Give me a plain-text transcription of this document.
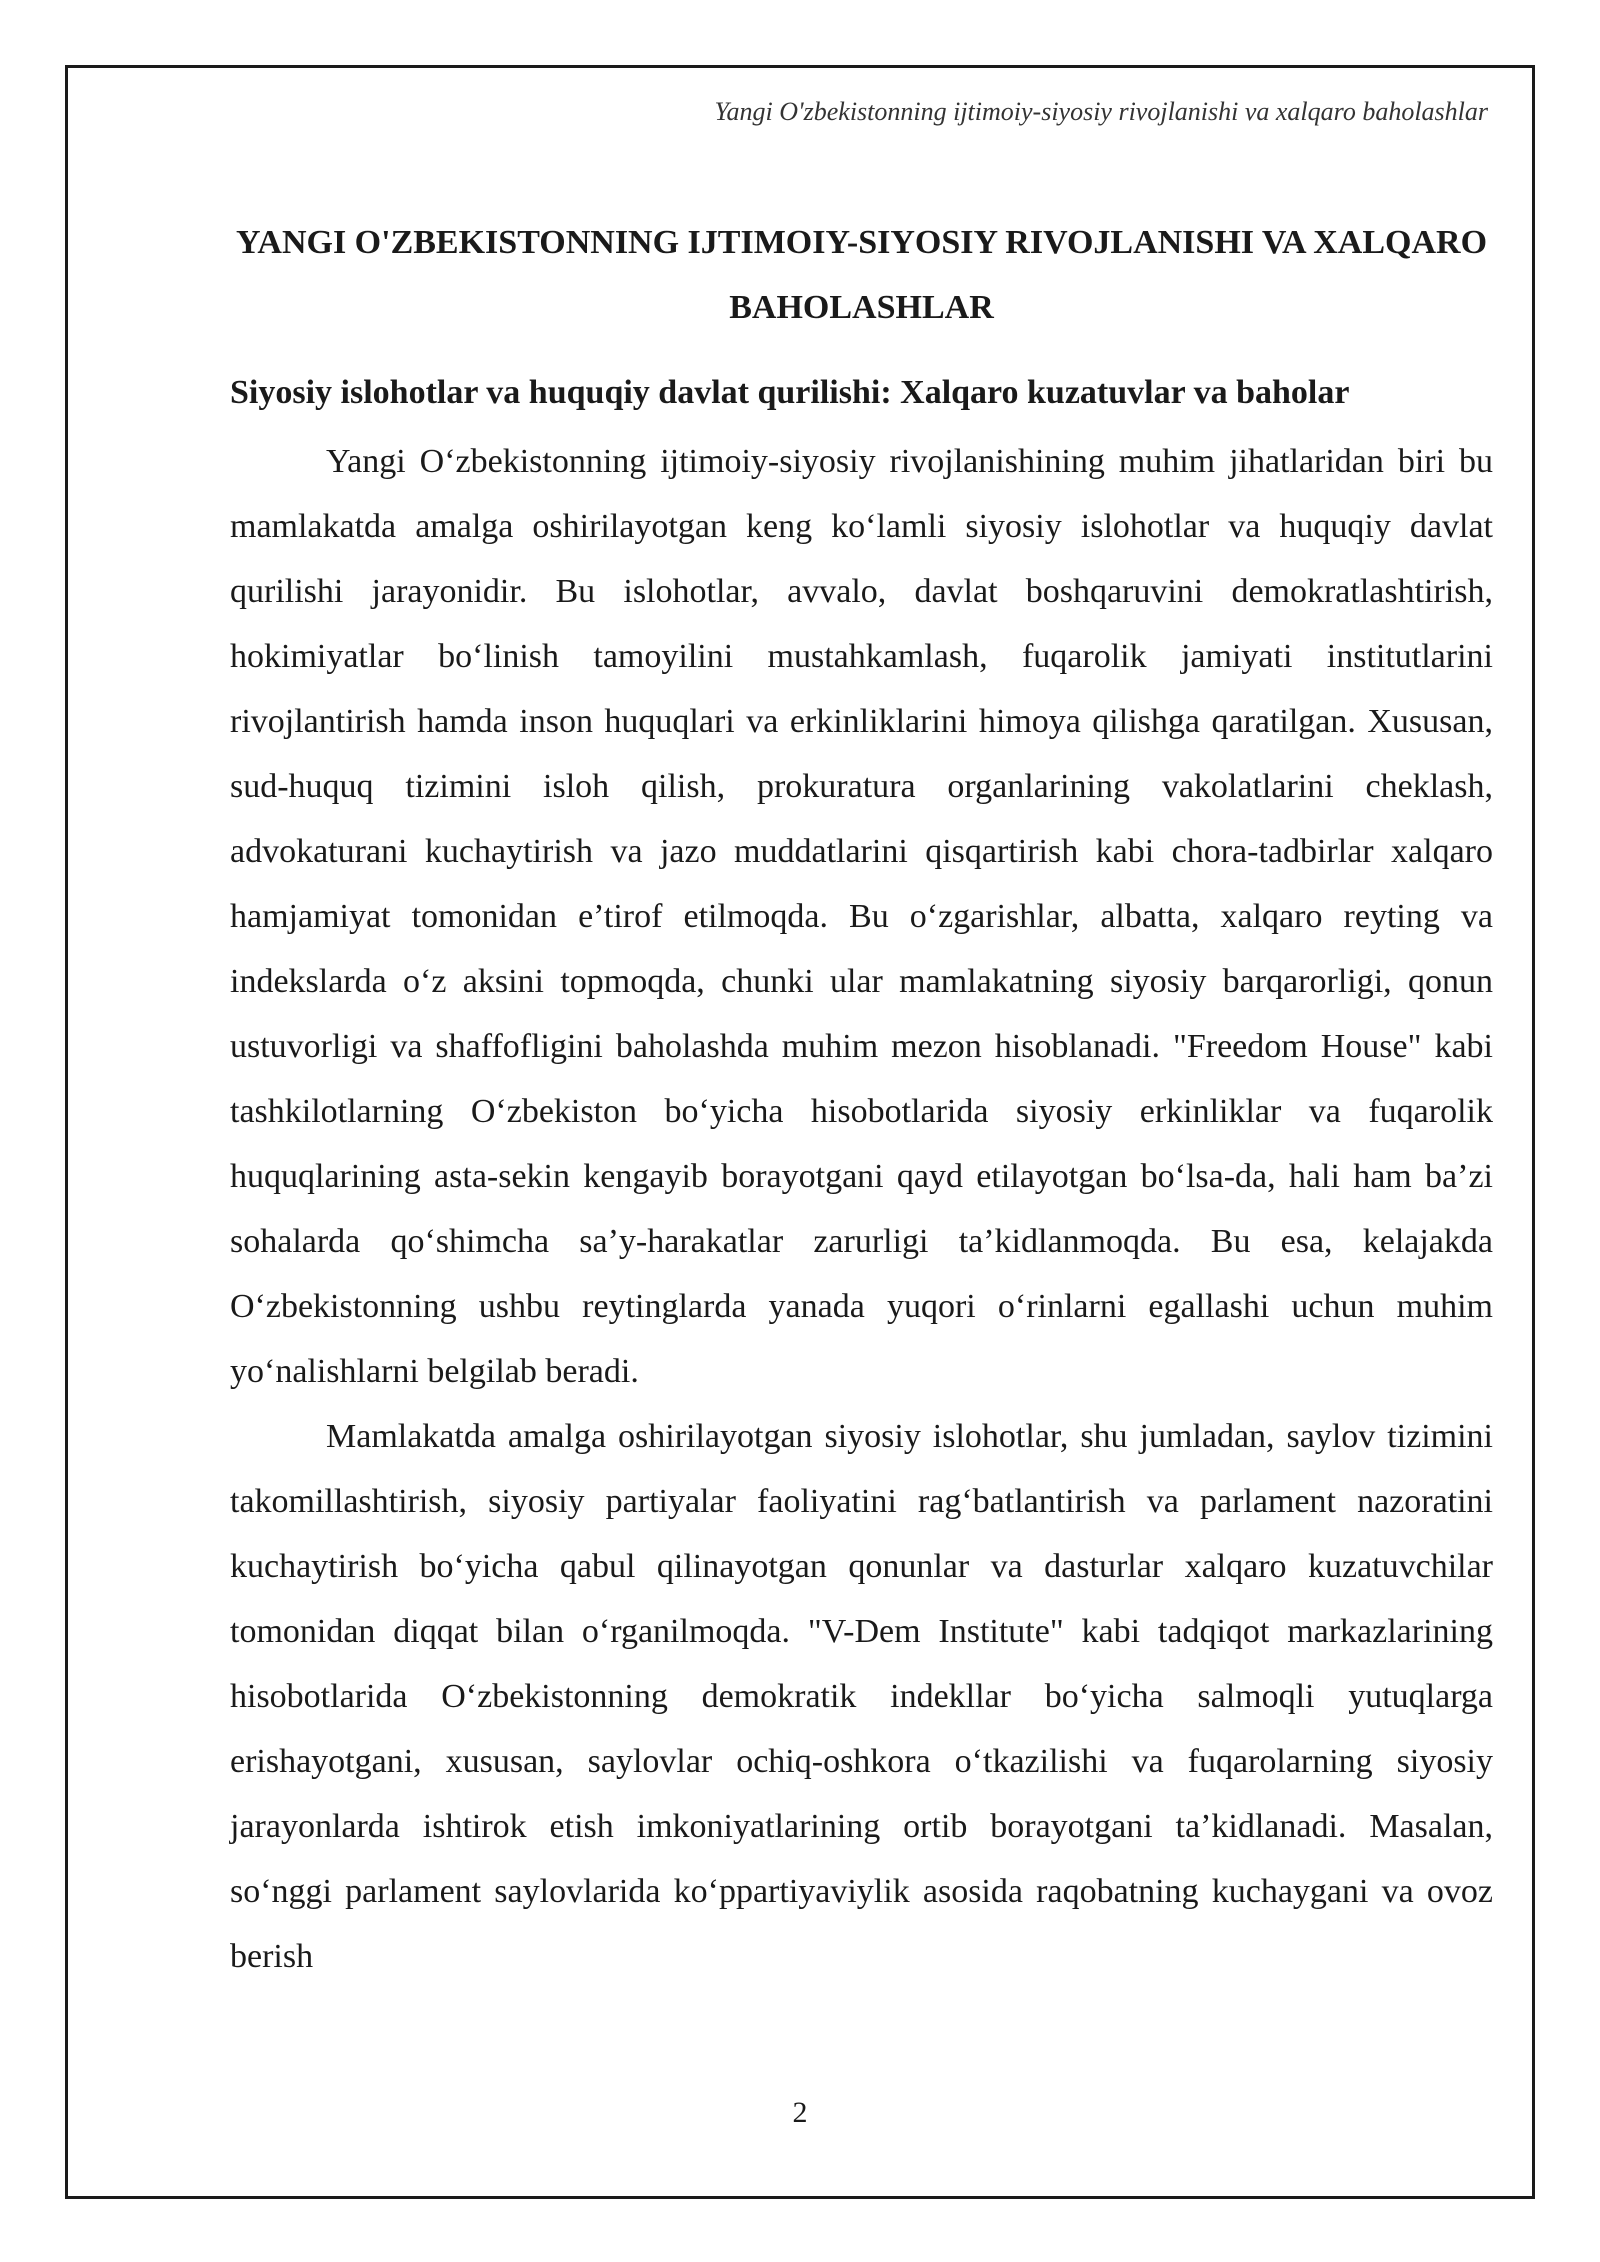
Yangi O'zbekistonning ijtimoiy-siyosiy rivojlanishi va xalqaro baholashlar
YANGI O'ZBEKISTONNING IJTIMOIY-SIYOSIY RIVOJLANISHI VA XALQARO BAHOLASHLAR
Siyosiy islohotlar va huquqiy davlat qurilishi: Xalqaro kuzatuvlar va baholar

Yangi O‘zbekistonning ijtimoiy-siyosiy rivojlanishining muhim jihatlaridan biri bu mamlakatda amalga oshirilayotgan keng ko‘lamli siyosiy islohotlar va huquqiy davlat qurilishi jarayonidir. Bu islohotlar, avvalo, davlat boshqaruvini demokratlashtirish, hokimiyatlar bo‘linish tamoyilini mustahkamlash, fuqarolik jamiyati institutlarini rivojlantirish hamda inson huquqlari va erkinliklarini himoya qilishga qaratilgan. Xususan, sud-huquq tizimini isloh qilish, prokuratura organlarining vakolatlarini cheklash, advokaturani kuchaytirish va jazo muddatlarini qisqartirish kabi chora-tadbirlar xalqaro hamjamiyat tomonidan e’tirof etilmoqda. Bu o‘zgarishlar, albatta, xalqaro reyting va indekslarda o‘z aksini topmoqda, chunki ular mamlakatning siyosiy barqarorligi, qonun ustuvorligi va shaffofligini baholashda muhim mezon hisoblanadi. "Freedom House" kabi tashkilotlarning O‘zbekiston bo‘yicha hisobotlarida siyosiy erkinliklar va fuqarolik huquqlarining asta-sekin kengayib borayotgani qayd etilayotgan bo‘lsa-da, hali ham ba’zi sohalarda qo‘shimcha sa’y-harakatlar zarurligi ta’kidlanmoqda. Bu esa, kelajakda O‘zbekistonning ushbu reytinglarda yanada yuqori o‘rinlarni egallashi uchun muhim yo‘nalishlarni belgilab beradi.

Mamlakatda amalga oshirilayotgan siyosiy islohotlar, shu jumladan, saylov tizimini takomillashtirish, siyosiy partiyalar faoliyatini rag‘batlantirish va parlament nazoratini kuchaytirish bo‘yicha qabul qilinayotgan qonunlar va dasturlar xalqaro kuzatuvchilar tomonidan diqqat bilan o‘rganilmoqda. "V-Dem Institute" kabi tadqiqot markazlarining hisobotlarida O‘zbekistonning demokratik indekllar bo‘yicha salmoqli yutuqlarga erishayotgani, xususan, saylovlar ochiq-oshkora o‘tkazilishi va fuqarolarning siyosiy jarayonlarda ishtirok etish imkoniyatlarining ortib borayotgani ta’kidlanadi. Masalan, so‘nggi parlament saylovlarida ko‘ppartiyaviylik asosida raqobatning kuchaygani va ovoz berish

2
